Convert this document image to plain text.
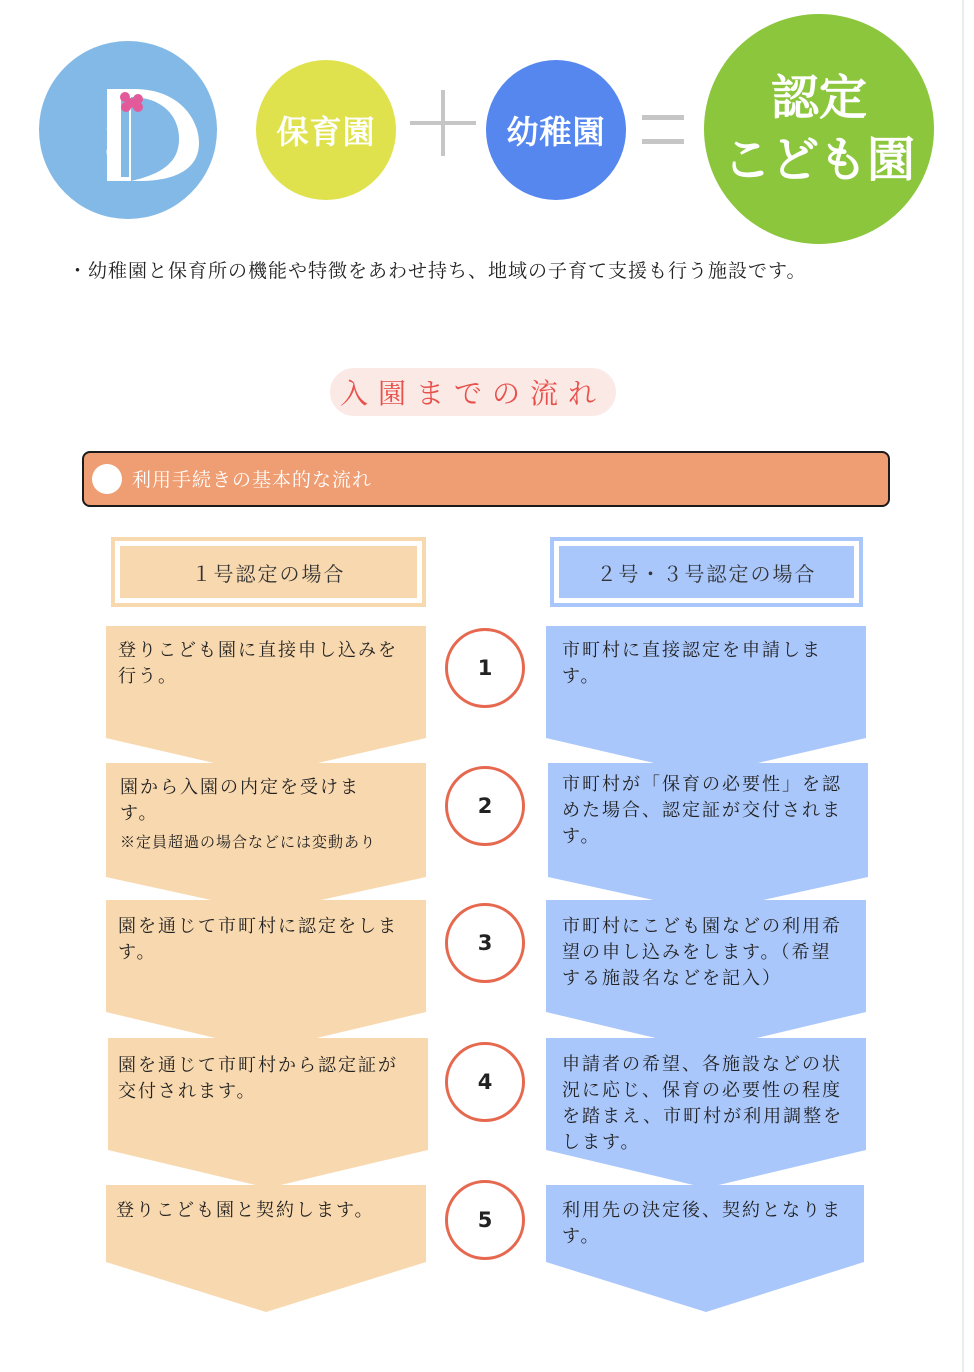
のぼり
保育園	幼稚園
認定
こども園
・幼稚園と保育所の機能や特徴をあわせ持ち、地域の子育て支援も行う施設です。
入園までの流れ
利用手続きの基本的な流れ
１号認定の場合	２号・３号認定の場合
1
2
3
4
5
登りこども園に直接申し込みを
行う。
園から入園の内定を受けま
す。
※定員超過の場合などには変動あり
園を通じて市町村に認定をしま
す。
園を通じて市町村から認定証が
交付されます。
登りこども園と契約します。
市町村に直接認定を申請しま
す。
市町村が「保育の必要性」を認
めた場合、認定証が交付されま
す。
市町村にこども園などの利用希
望の申し込みをします。（希望
する施設名などを記入）
申請者の希望、各施設などの状
況に応じ、保育の必要性の程度
を踏まえ、市町村が利用調整を
します。
利用先の決定後、契約となりま
す。
